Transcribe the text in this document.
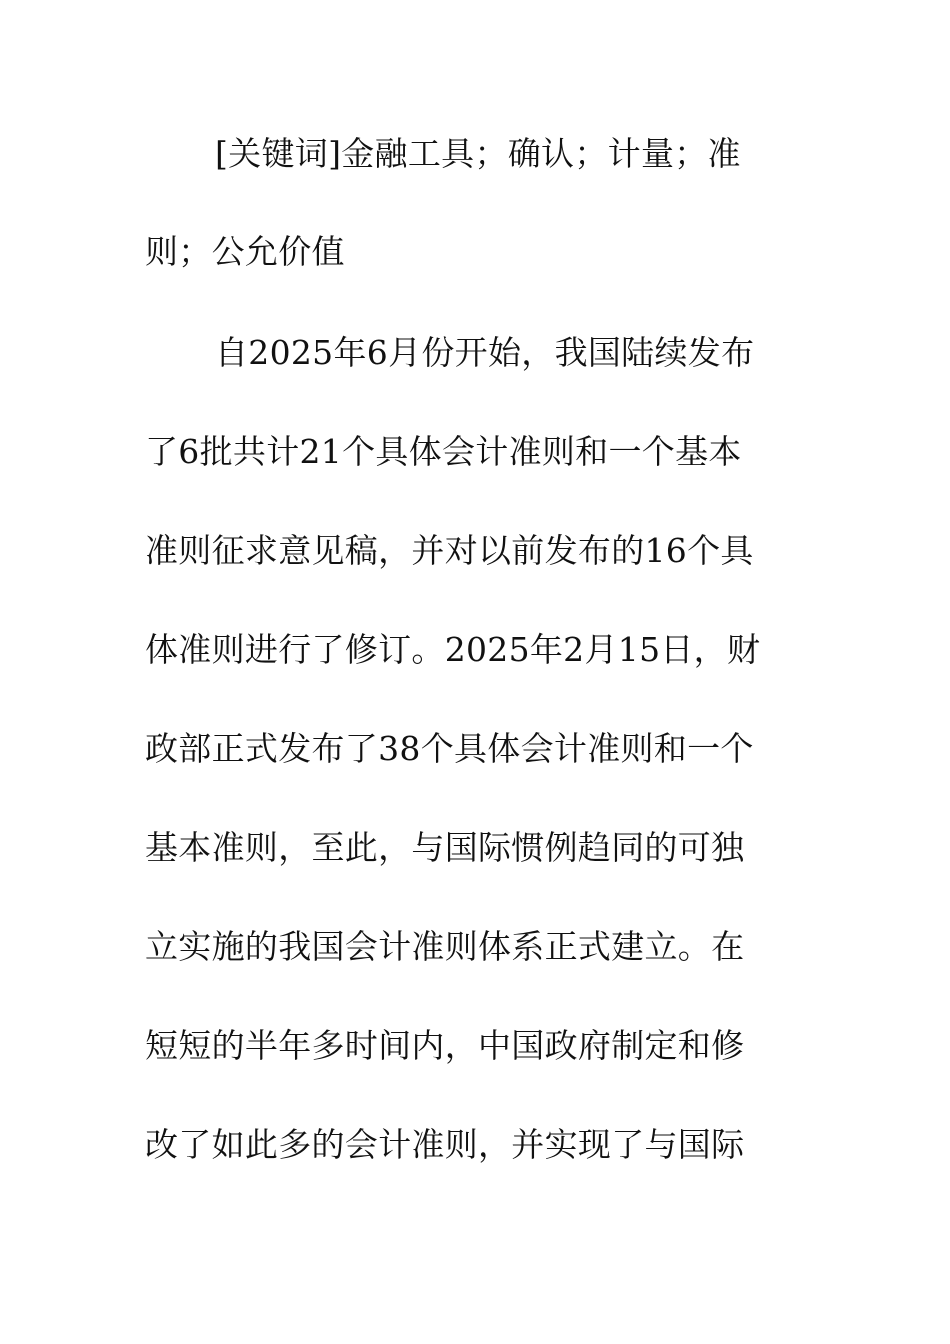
[关键词]金融工具；确认；计量；准
则；公允价值
自2025年6月份开始，我国陆续发布
了6批共计21个具体会计准则和一个基本
准则征求意见稿，并对以前发布的16个具
体准则进行了修订。2025年2月15日，财
政部正式发布了38个具体会计准则和一个
基本准则，至此，与国际惯例趋同的可独
立实施的我国会计准则体系正式建立。在
短短的半年多时间内，中国政府制定和修
改了如此多的会计准则，并实现了与国际
